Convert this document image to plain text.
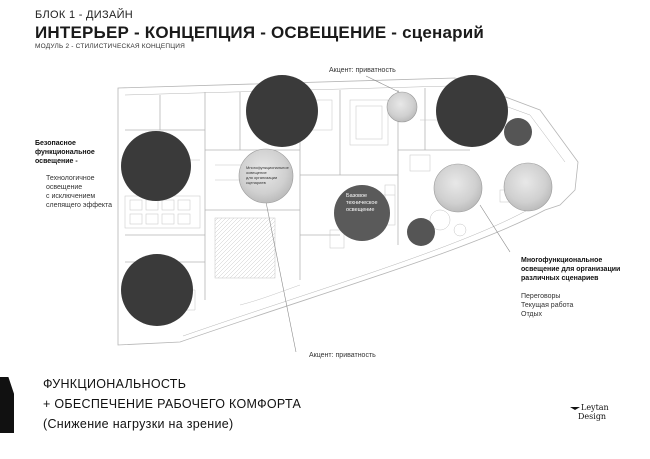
БЛОК 1 - ДИЗАЙН
ИНТЕРЬЕР - КОНЦЕПЦИЯ - ОСВЕЩЕНИЕ - сценарий
МОДУЛЬ 2 - СТИЛИСТИЧЕСКАЯ КОНЦЕПЦИЯ
Базовое
техническое
освещение
Многофункциональное
освещение
для организации
сценариев
Акцент: приватность
Акцент: приватность
Безопасное
функциональное
освещение -
Технологичное
освещение
с исключением
слепящего эффекта
Многофункциональное
освещение для организации
различных сценариев
Переговоры
Текущая работа
Отдых
ФУНКЦИОНАЛЬНОСТЬ
+ ОБЕСПЕЧЕНИЕ РАБОЧЕГО КОМФОРТА
(Снижение нагрузки на зрение)
Leytan
Design
